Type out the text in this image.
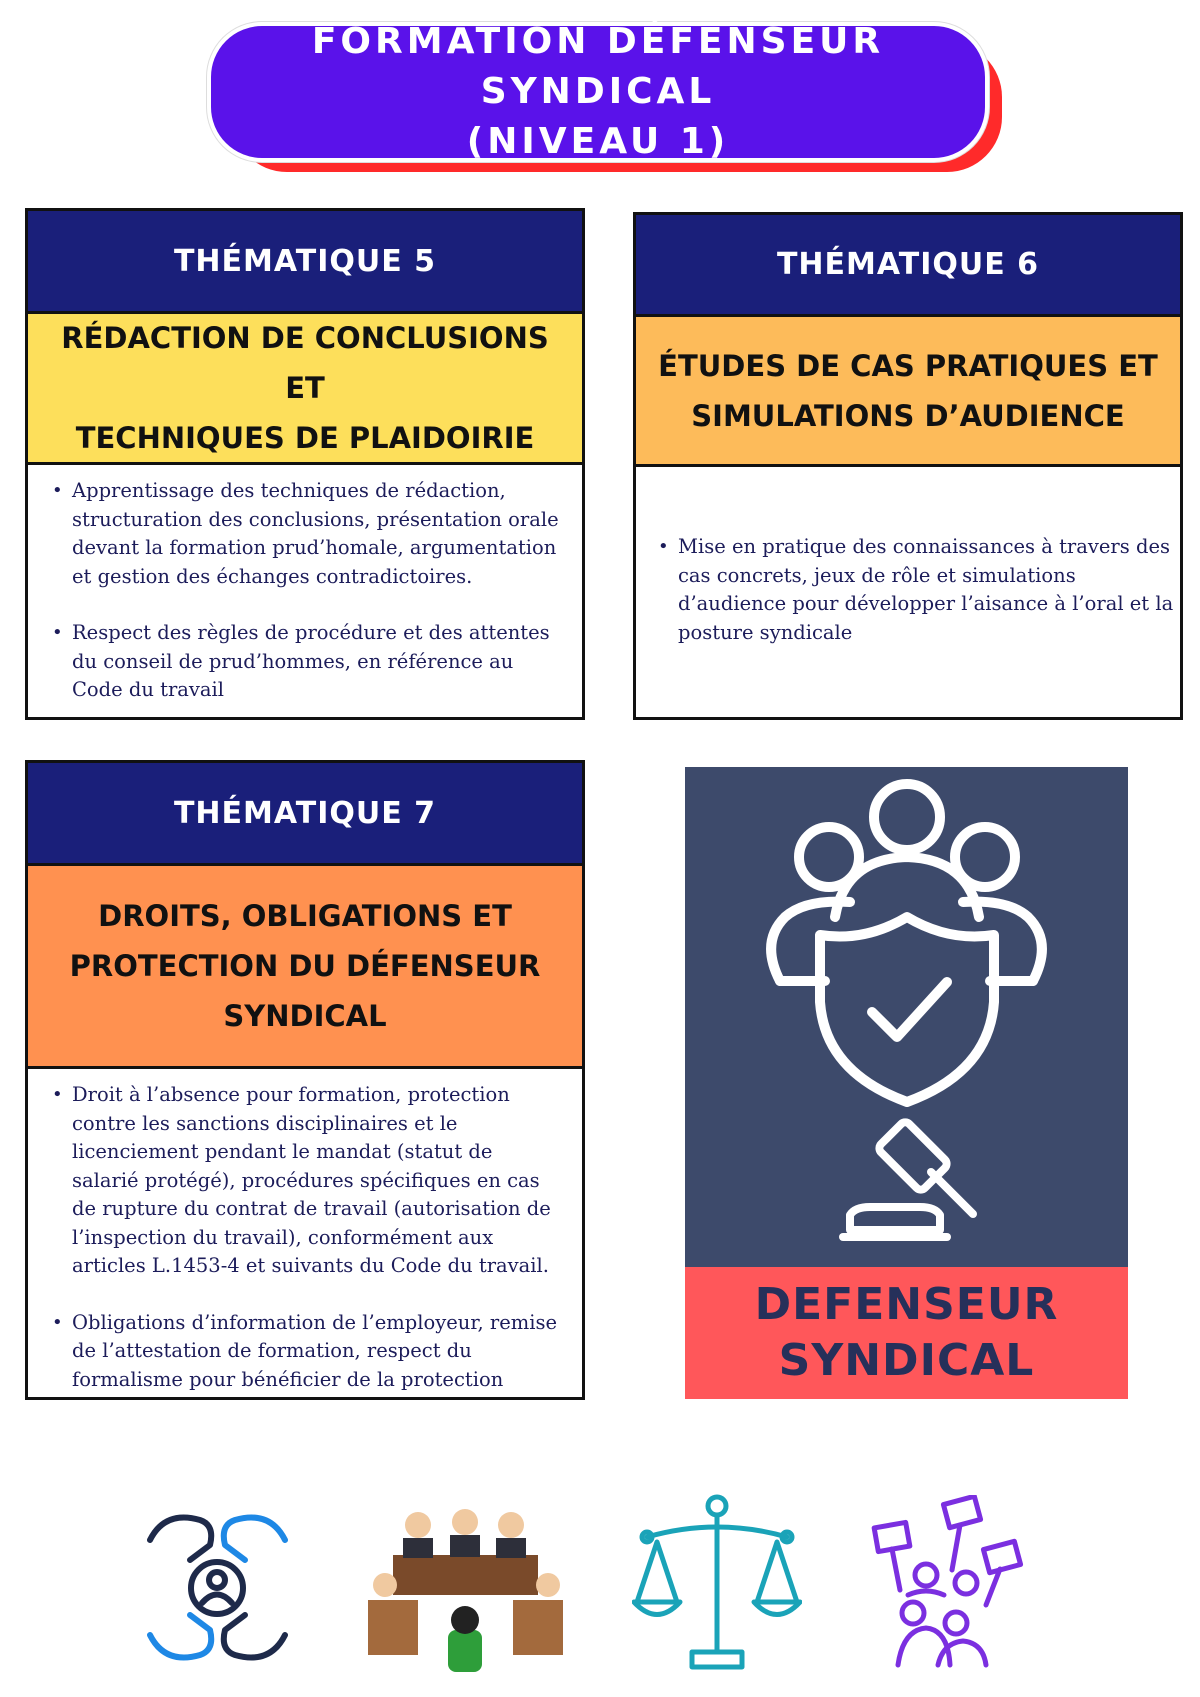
FORMATION DÉFENSEUR SYNDICAL
(NIVEAU 1)
THÉMATIQUE 5
RÉDACTION DE CONCLUSIONS ET
TECHNIQUES DE PLAIDOIRIE
• Apprentissage des techniques de rédaction, structuration des conclusions, présentation orale devant la formation prud’homale, argumentation et gestion des échanges contradictoires.
• Respect des règles de procédure et des attentes du conseil de prud’hommes, en référence au Code du travail
THÉMATIQUE 6
ÉTUDES DE CAS PRATIQUES ET
SIMULATIONS D’AUDIENCE
• Mise en pratique des connaissances à travers des cas concrets, jeux de rôle et simulations d’audience pour développer l’aisance à l’oral et la posture syndicale
THÉMATIQUE 7
DROITS, OBLIGATIONS ET
PROTECTION DU DÉFENSEUR
SYNDICAL
• Droit à l’absence pour formation, protection contre les sanctions disciplinaires et le licenciement pendant le mandat (statut de salarié protégé), procédures spécifiques en cas de rupture du contrat de travail (autorisation de l’inspection du travail), conformément aux articles L.1453-4 et suivants du Code du travail.
• Obligations d’information de l’employeur, remise de l’attestation de formation, respect du formalisme pour bénéficier de la protection
DEFENSEUR
SYNDICAL
